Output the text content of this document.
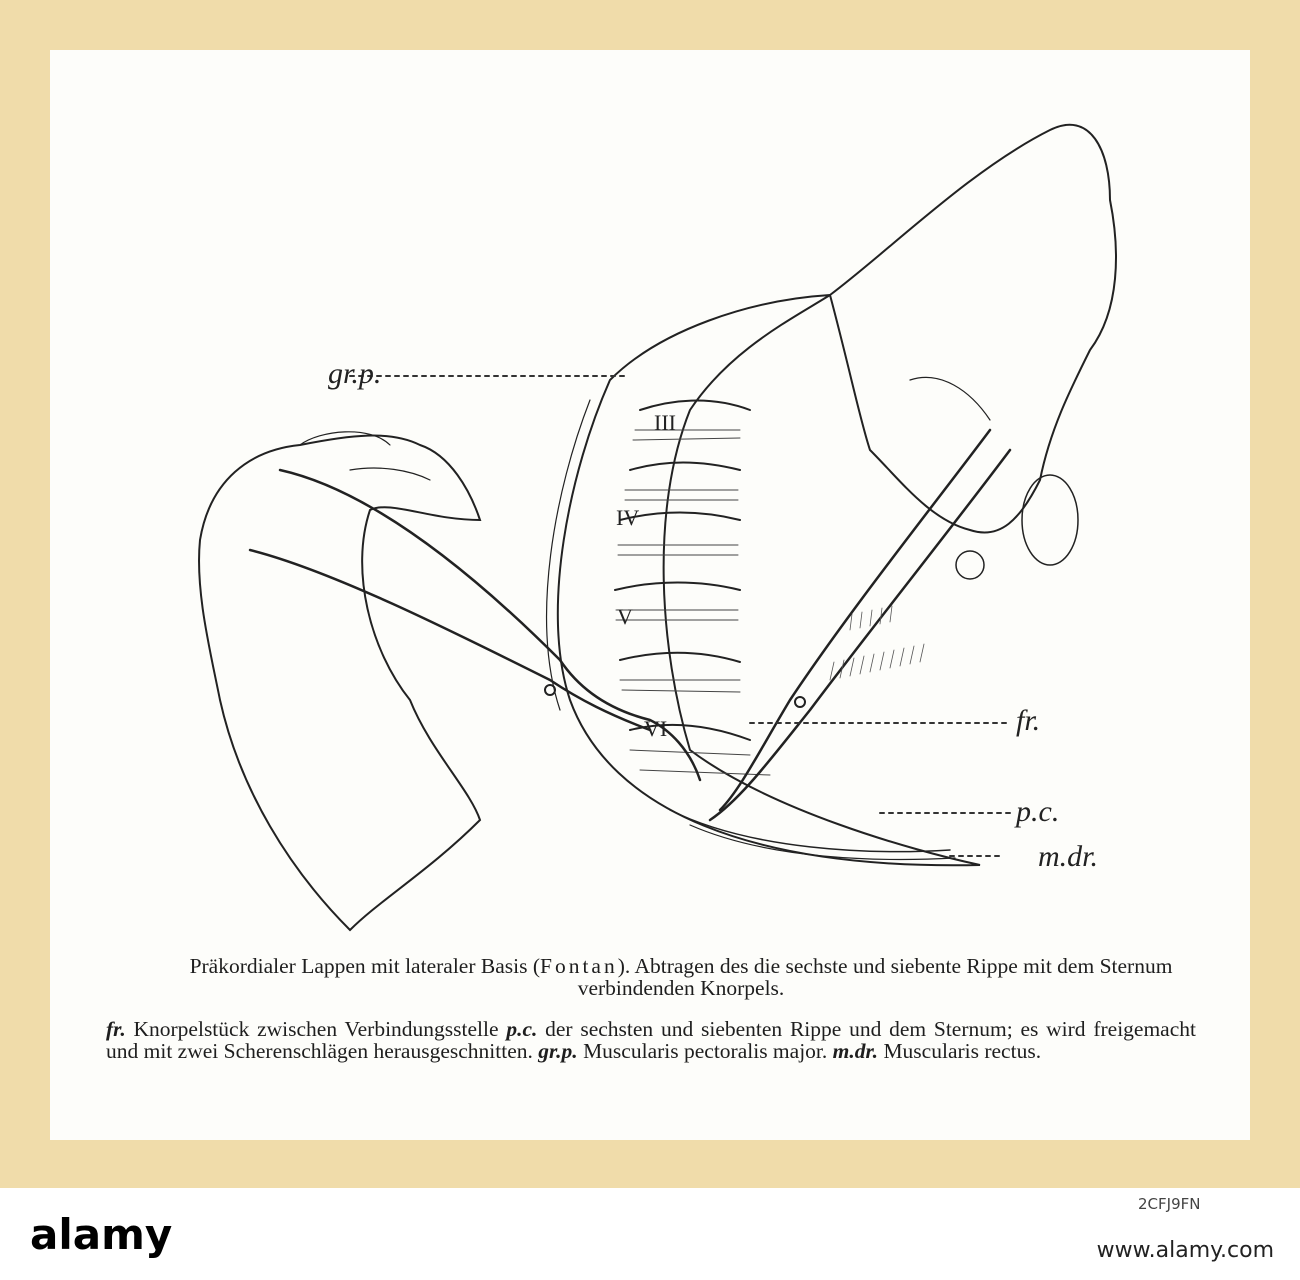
gr.p.
fr.
p.c.
m.dr.
III
IV
V
VI
Präkordialer Lappen mit lateraler Basis (Fontan). Abtragen des die sechste und siebente Rippe mit dem Sternum verbindenden Knorpels.
fr. Knorpelstück zwischen Verbindungsstelle p.c. der sechsten und siebenten Rippe und dem Sternum; es wird freigemacht und mit zwei Scherenschlägen herausgeschnitten. gr.p. Muscularis pectoralis major. m.dr. Muscularis rectus.
alamy
2CFJ9FN
www.alamy.com
